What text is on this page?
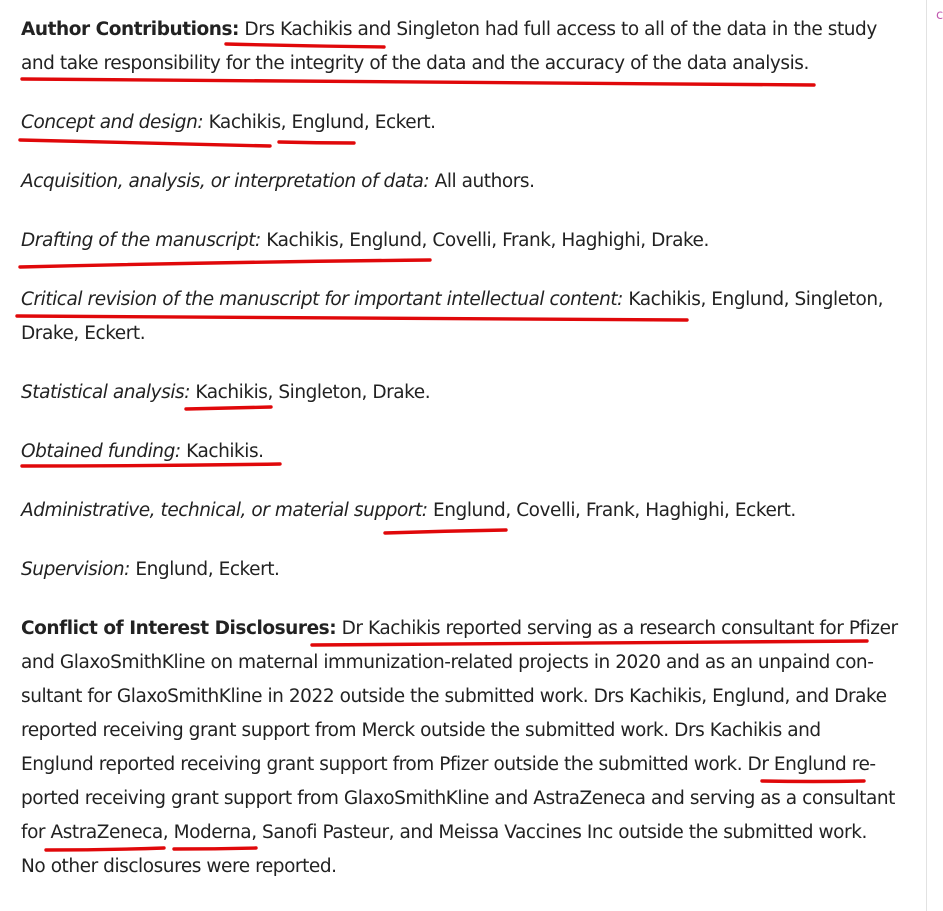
Author Contributions: Drs Kachikis and Singleton had full access to all of the data in the study

and take responsibility for the integrity of the data and the accuracy of the data analysis.

Concept and design: Kachikis, Englund, Eckert.

Acquisition, analysis, or interpretation of data: All authors.

Drafting of the manuscript: Kachikis, Englund, Covelli, Frank, Haghighi, Drake.

Critical revision of the manuscript for important intellectual content: Kachikis, Englund, Singleton,

Drake, Eckert.

Statistical analysis: Kachikis, Singleton, Drake.

Obtained funding: Kachikis.

Administrative, technical, or material support: Englund, Covelli, Frank, Haghighi, Eckert.

Supervision: Englund, Eckert.

Conflict of Interest Disclosures: Dr Kachikis reported serving as a research consultant for Pfizer

and GlaxoSmithKline on maternal immunization-related projects in 2020 and as an unpaind con-

sultant for GlaxoSmithKline in 2022 outside the submitted work. Drs Kachikis, Englund, and Drake

reported receiving grant support from Merck outside the submitted work. Drs Kachikis and

Englund reported receiving grant support from Pfizer outside the submitted work. Dr Englund re-

ported receiving grant support from GlaxoSmithKline and AstraZeneca and serving as a consultant

for AstraZeneca, Moderna, Sanofi Pasteur, and Meissa Vaccines Inc outside the submitted work.

No other disclosures were reported.

c
